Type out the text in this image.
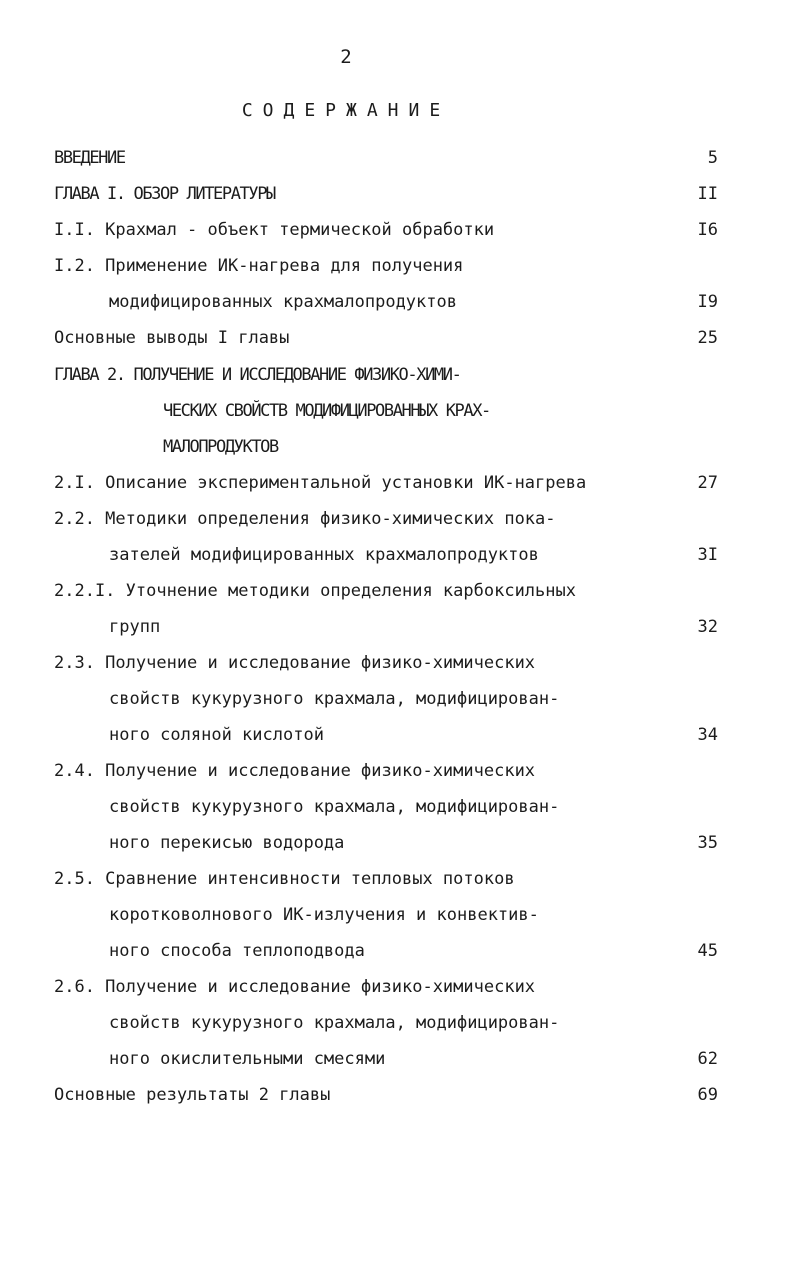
2
СОДЕРЖАНИЕ
ВВЕДЕНИЕ	5
ГЛАВА I. ОБЗОР ЛИТЕРАТУРЫ	II
I.I. Крахмал - объект термической обработки	I6
I.2. Применение ИК-нагрева для получения
модифицированных крахмалопродуктов	I9
Основные выводы I главы	25
ГЛАВА 2. ПОЛУЧЕНИЕ И ИССЛЕДОВАНИЕ ФИЗИКО-ХИМИ-
ЧЕСКИХ СВОЙСТВ МОДИФИЦИРОВАННЫХ КРАХ-
МАЛОПРОДУКТОВ
2.I. Описание экспериментальной установки ИК-нагрева	27
2.2. Методики определения физико-химических пока-
зателей модифицированных крахмалопродуктов	3I
2.2.I. Уточнение методики определения карбоксильных
групп	32
2.3. Получение и исследование физико-химических
свойств кукурузного крахмала, модифицирован-
ного соляной кислотой	34
2.4. Получение и исследование физико-химических
свойств кукурузного крахмала, модифицирован-
ного перекисью водорода	35
2.5. Сравнение интенсивности тепловых потоков
коротковолнового ИК-излучения и конвектив-
ного способа теплоподвода	45
2.6. Получение и исследование физико-химических
свойств кукурузного крахмала, модифицирован-
ного окислительными смесями	62
Основные результаты 2 главы	69
